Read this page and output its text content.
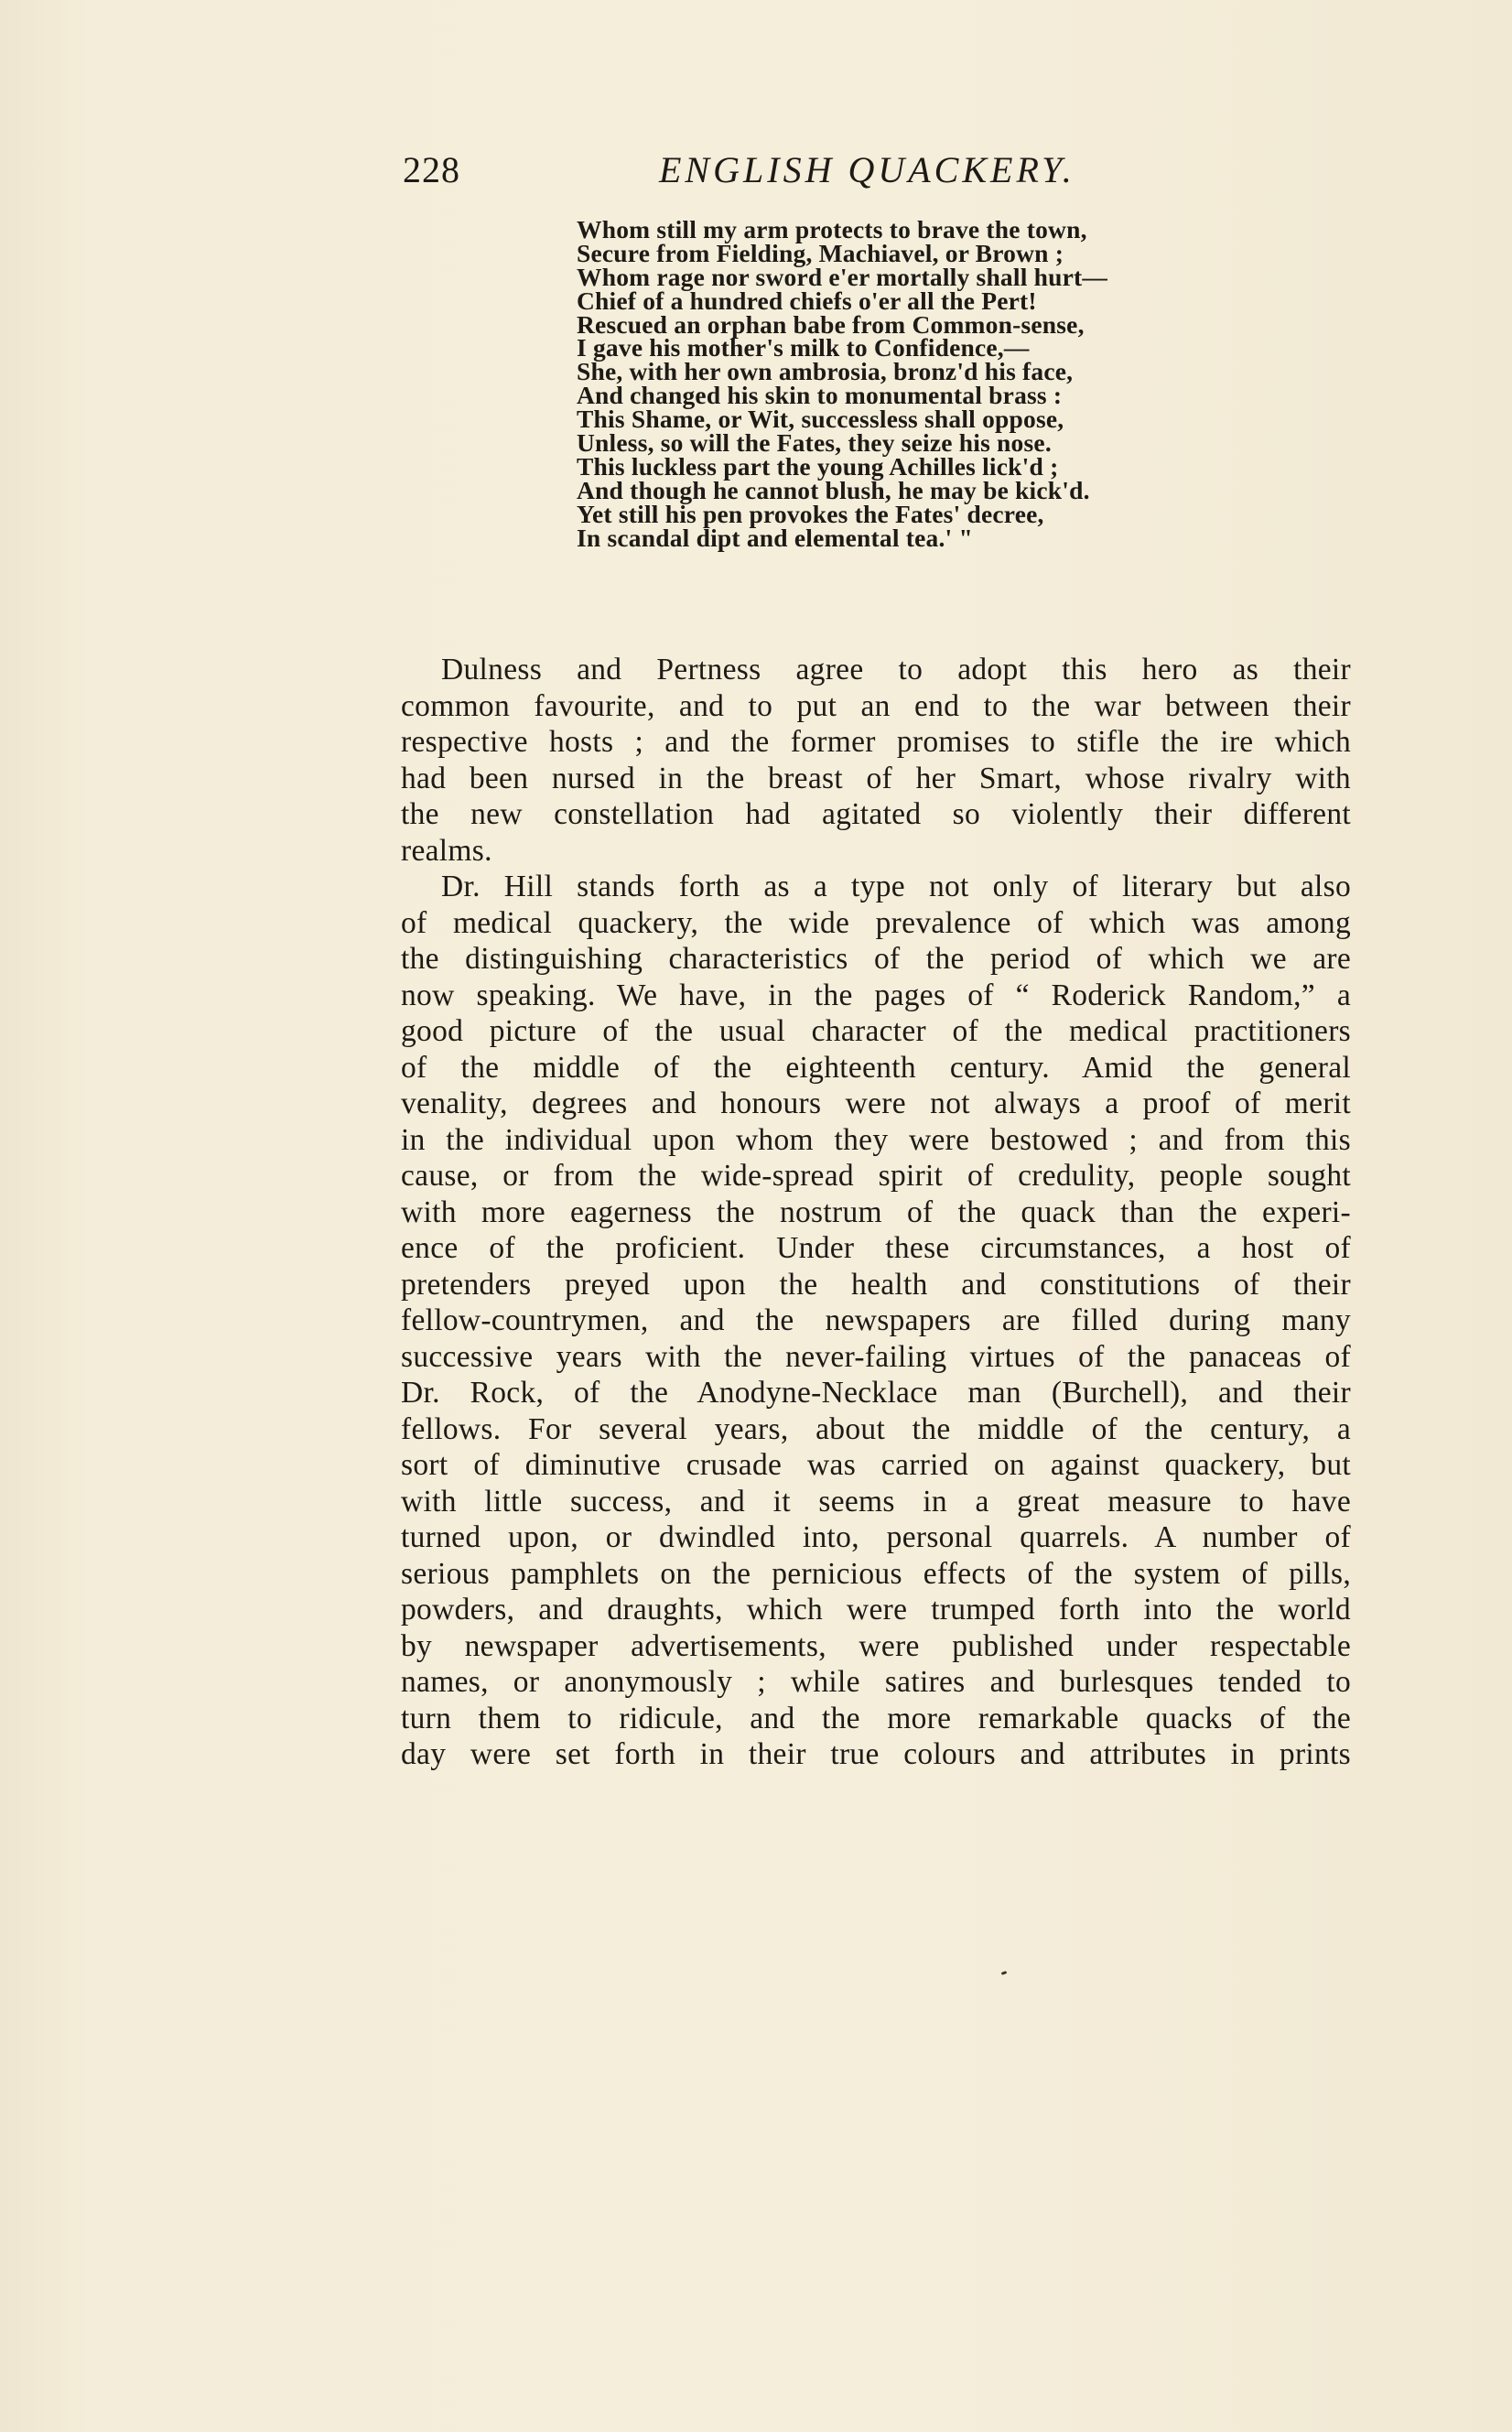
228	ENGLISH QUACKERY.
Whom still my arm protects to brave the town,
Secure from Fielding, Machiavel, or Brown ;
Whom rage nor sword e'er mortally shall hurt—
Chief of a hundred chiefs o'er all the Pert!
Rescued an orphan babe from Common-sense,
I gave his mother's milk to Confidence,—
She, with her own ambrosia, bronz'd his face,
And changed his skin to monumental brass :
This Shame, or Wit, successless shall oppose,
Unless, so will the Fates, they seize his nose.
This luckless part the young Achilles lick'd ;
And though he cannot blush, he may be kick'd.
Yet still his pen provokes the Fates' decree,
In scandal dipt and elemental tea.' "
Dulness and Pertness agree to adopt this hero as their
common favourite, and to put an end to the war between their
respective hosts ; and the former promises to stifle the ire which
had been nursed in the breast of her Smart, whose rivalry with
the new constellation had agitated so violently their different
realms.
Dr. Hill stands forth as a type not only of literary but also
of medical quackery, the wide prevalence of which was among
the distinguishing characteristics of the period of which we are
now speaking. We have, in the pages of “ Roderick Random,” a
good picture of the usual character of the medical practitioners
of the middle of the eighteenth century. Amid the general
venality, degrees and honours were not always a proof of merit
in the individual upon whom they were bestowed ; and from this
cause, or from the wide-spread spirit of credulity, people sought
with more eagerness the nostrum of the quack than the experi-
ence of the proficient. Under these circumstances, a host of
pretenders preyed upon the health and constitutions of their
fellow-countrymen, and the newspapers are filled during many
successive years with the never-failing virtues of the panaceas of
Dr. Rock, of the Anodyne-Necklace man (Burchell), and their
fellows. For several years, about the middle of the century, a
sort of diminutive crusade was carried on against quackery, but
with little success, and it seems in a great measure to have
turned upon, or dwindled into, personal quarrels. A number of
serious pamphlets on the pernicious effects of the system of pills,
powders, and draughts, which were trumped forth into the world
by newspaper advertisements, were published under respectable
names, or anonymously ; while satires and burlesques tended to
turn them to ridicule, and the more remarkable quacks of the
day were set forth in their true colours and attributes in prints
